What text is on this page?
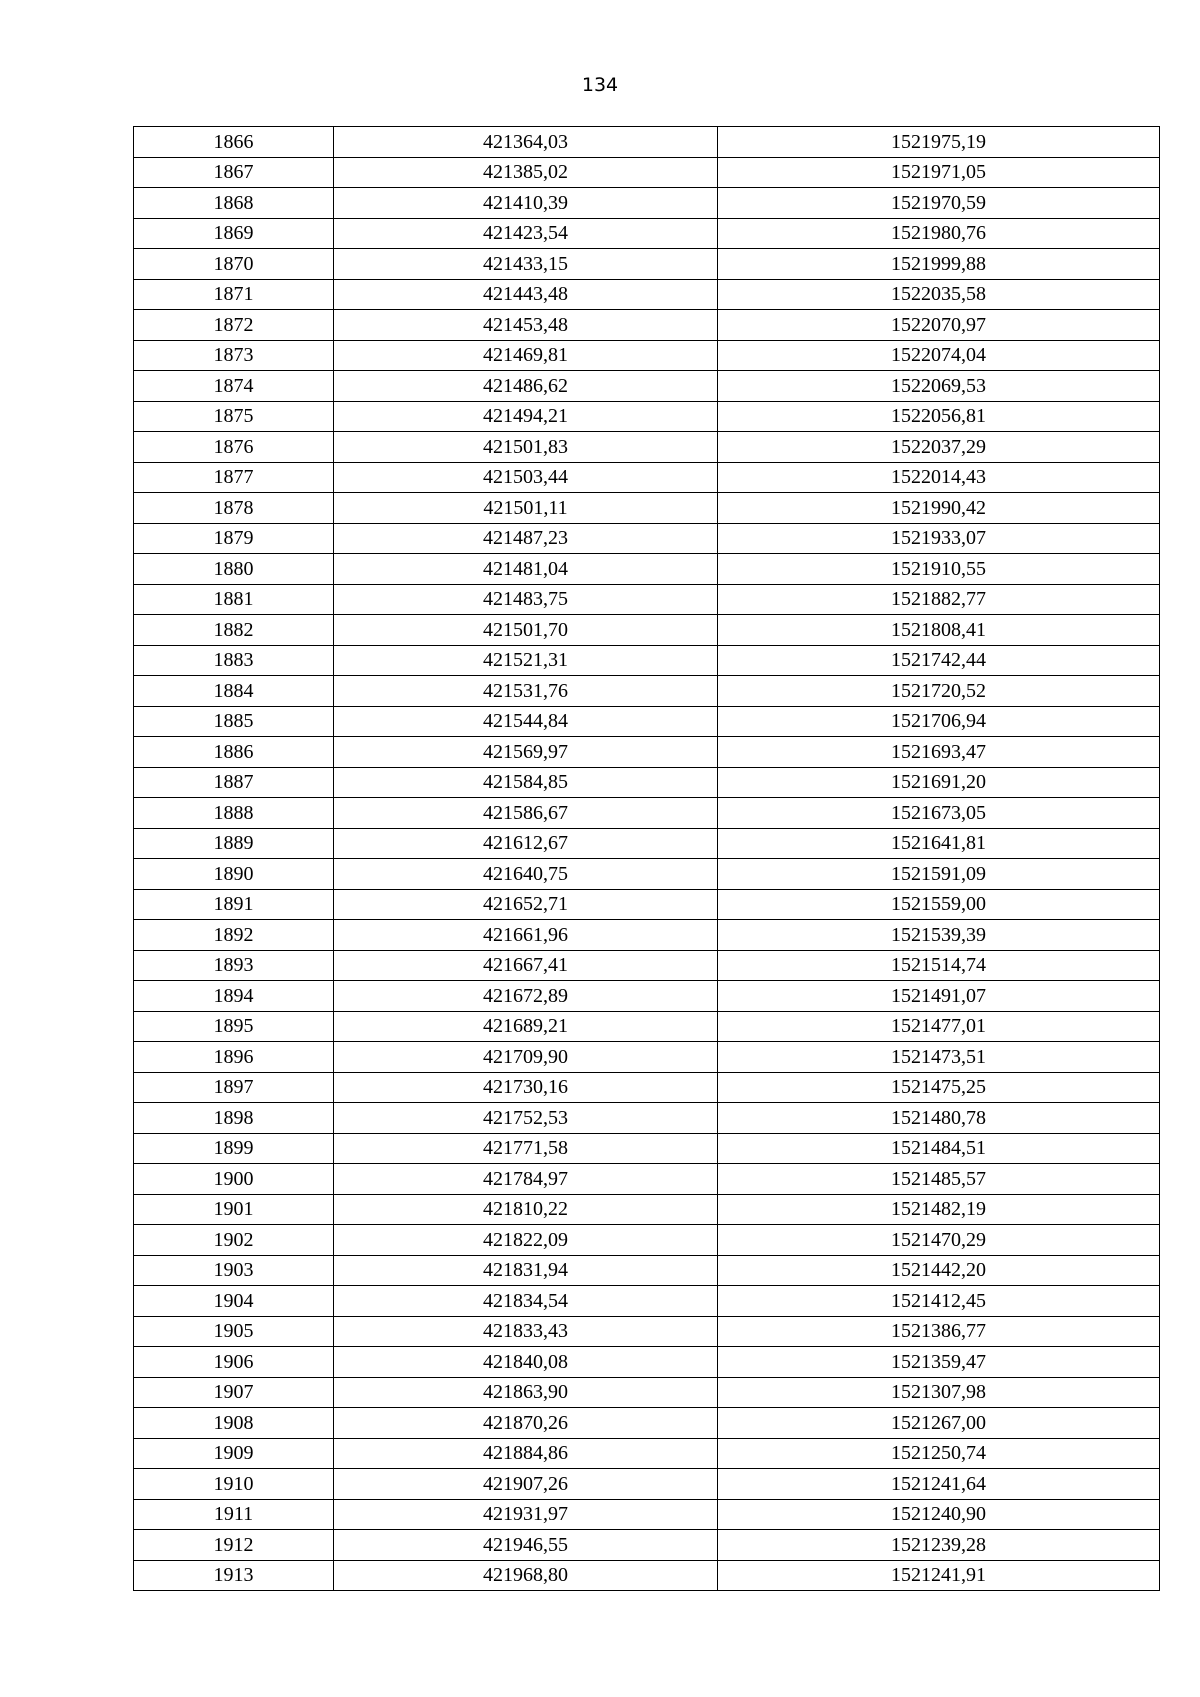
134
1866	421364,03	1521975,19
1867	421385,02	1521971,05
1868	421410,39	1521970,59
1869	421423,54	1521980,76
1870	421433,15	1521999,88
1871	421443,48	1522035,58
1872	421453,48	1522070,97
1873	421469,81	1522074,04
1874	421486,62	1522069,53
1875	421494,21	1522056,81
1876	421501,83	1522037,29
1877	421503,44	1522014,43
1878	421501,11	1521990,42
1879	421487,23	1521933,07
1880	421481,04	1521910,55
1881	421483,75	1521882,77
1882	421501,70	1521808,41
1883	421521,31	1521742,44
1884	421531,76	1521720,52
1885	421544,84	1521706,94
1886	421569,97	1521693,47
1887	421584,85	1521691,20
1888	421586,67	1521673,05
1889	421612,67	1521641,81
1890	421640,75	1521591,09
1891	421652,71	1521559,00
1892	421661,96	1521539,39
1893	421667,41	1521514,74
1894	421672,89	1521491,07
1895	421689,21	1521477,01
1896	421709,90	1521473,51
1897	421730,16	1521475,25
1898	421752,53	1521480,78
1899	421771,58	1521484,51
1900	421784,97	1521485,57
1901	421810,22	1521482,19
1902	421822,09	1521470,29
1903	421831,94	1521442,20
1904	421834,54	1521412,45
1905	421833,43	1521386,77
1906	421840,08	1521359,47
1907	421863,90	1521307,98
1908	421870,26	1521267,00
1909	421884,86	1521250,74
1910	421907,26	1521241,64
1911	421931,97	1521240,90
1912	421946,55	1521239,28
1913	421968,80	1521241,91
